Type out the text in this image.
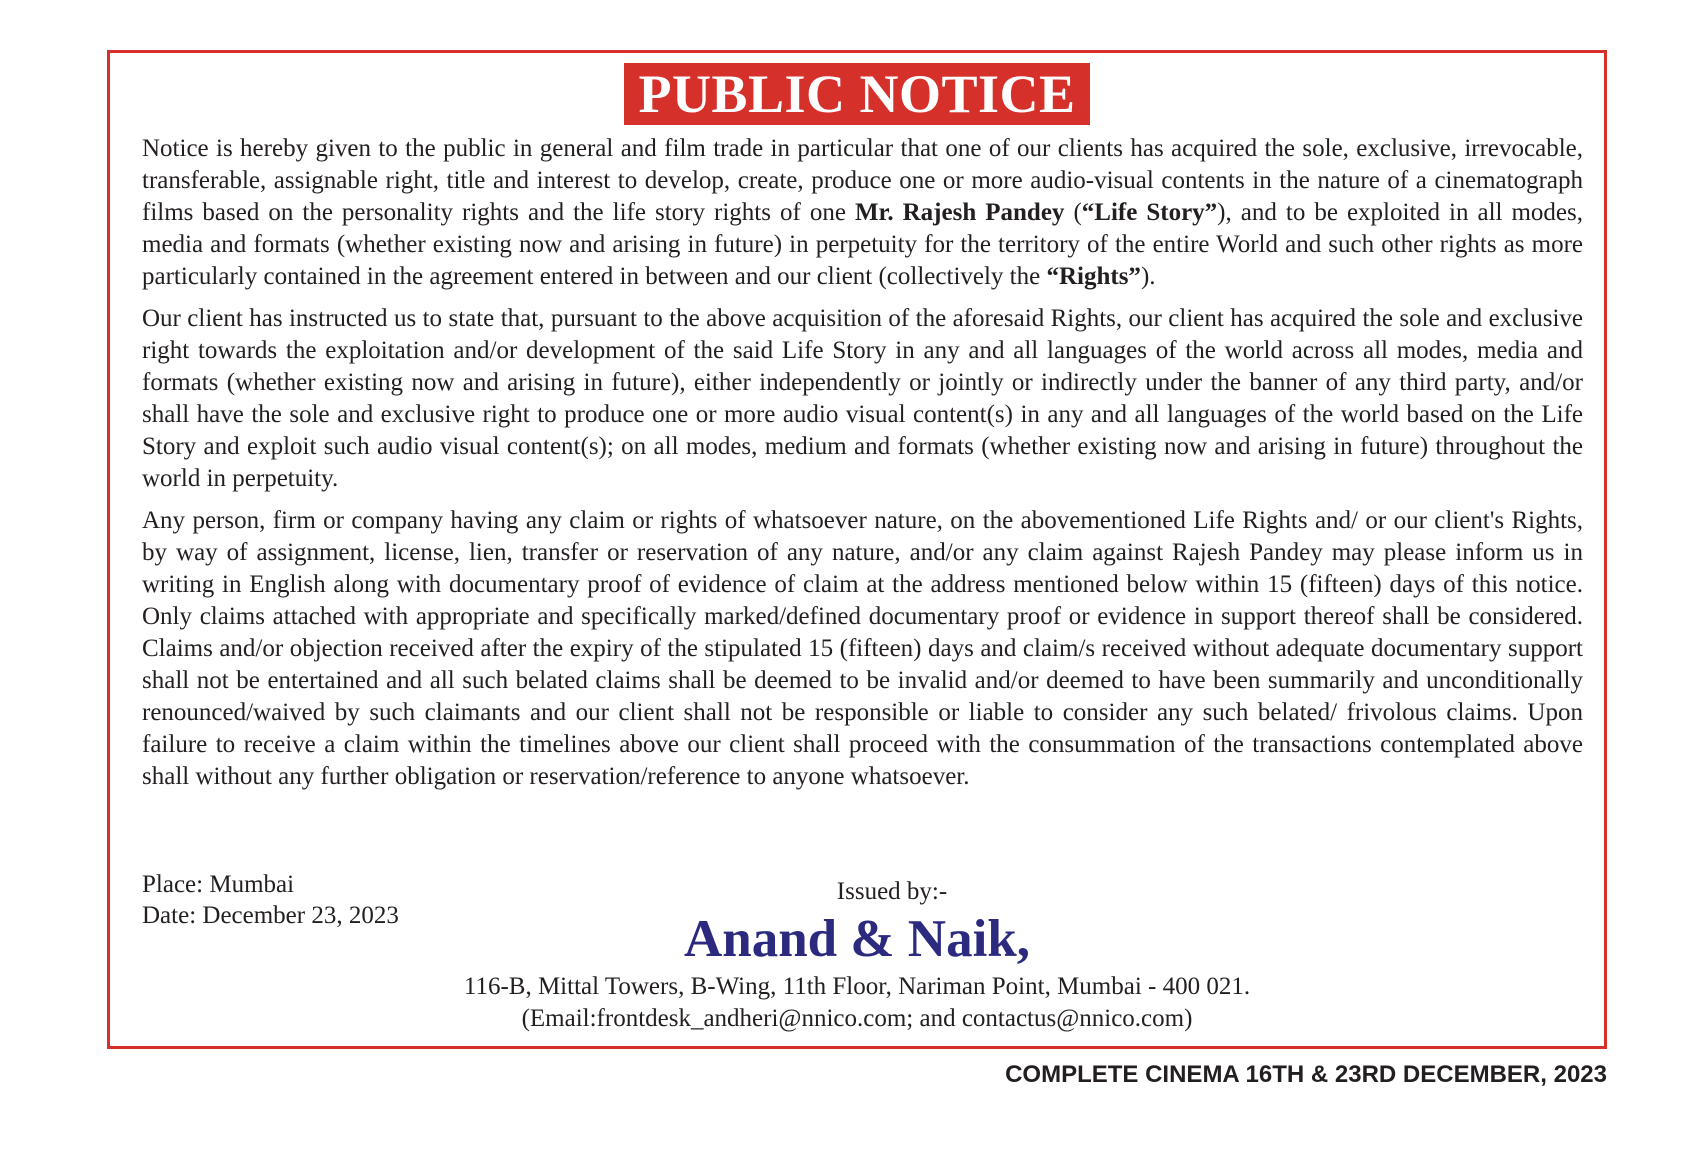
PUBLIC NOTICE

Notice is hereby given to the public in general and film trade in particular that one of our clients has acquired the sole, exclusive, irrevocable, transferable, assignable right, title and interest to develop, create, produce one or more audio-visual contents in the nature of a cinematograph films based on the personality rights and the life story rights of one Mr. Rajesh Pandey (“Life Story”), and to be exploited in all modes, media and formats (whether existing now and arising in future) in perpetuity for the territory of the entire World and such other rights as more particularly contained in the agreement entered in between and our client (collectively the “Rights”).

Our client has instructed us to state that, pursuant to the above acquisition of the aforesaid Rights, our client has acquired the sole and exclusive right towards the exploitation and/or development of the said Life Story in any and all languages of the world across all modes, media and formats (whether existing now and arising in future), either independently or jointly or indirectly under the banner of any third party, and/or shall have the sole and exclusive right to produce one or more audio visual content(s) in any and all languages of the world based on the Life Story and exploit such audio visual content(s); on all modes, medium and formats (whether existing now and arising in future) throughout the world in perpetuity.

Any person, firm or company having any claim or rights of whatsoever nature, on the abovementioned Life Rights and/ or our client's Rights, by way of assignment, license, lien, transfer or reservation of any nature, and/or any claim against Rajesh Pandey may please inform us in writing in English along with documentary proof of evidence of claim at the address mentioned below within 15 (fifteen) days of this notice. Only claims attached with appropriate and specifically marked/defined documentary proof or evidence in support thereof shall be considered. Claims and/or objection received after the expiry of the stipulated 15 (fifteen) days and claim/s received without adequate documentary support shall not be entertained and all such belated claims shall be deemed to be invalid and/or deemed to have been summarily and unconditionally renounced/waived by such claimants and our client shall not be responsible or liable to consider any such belated/ frivolous claims. Upon failure to receive a claim within the timelines above our client shall proceed with the consummation of the transactions contemplated above shall without any further obligation or reservation/reference to anyone whatsoever.

Place: Mumbai
Date: December 23, 2023
Issued by:-
Anand & Naik,
116-B, Mittal Towers, B-Wing, 11th Floor, Nariman Point, Mumbai - 400 021.
(Email:frontdesk_andheri@nnico.com; and contactus@nnico.com)
COMPLETE CINEMA 16TH & 23RD DECEMBER, 2023
